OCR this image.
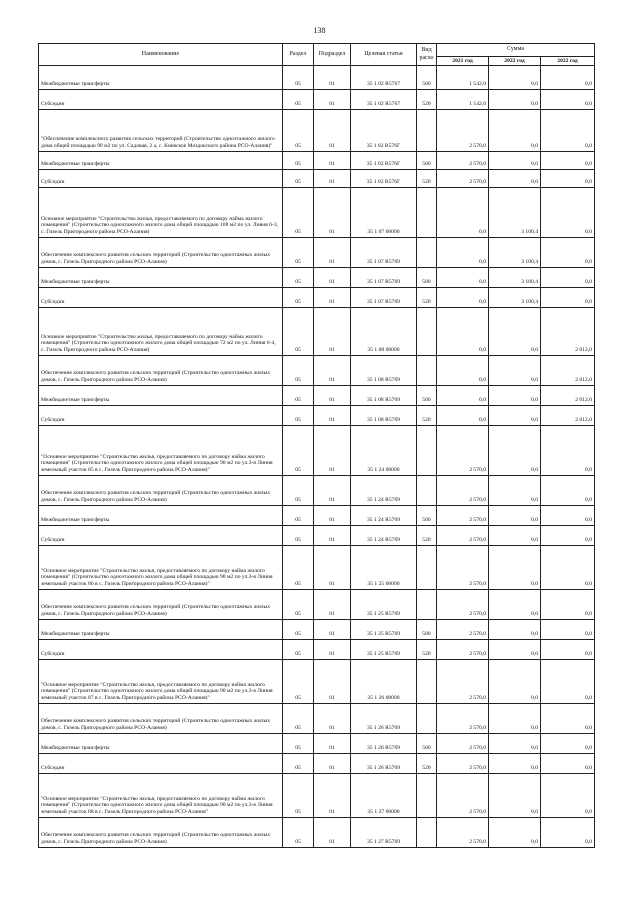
138
Наименование	Раздел	Подраздел	Целевая статья	Вид расхо	Сумма		
					2021 год	2022 год	2022 год
Межбюджетные трансферты	05	01	35 1 02 R5767	500	1 542,0	0,0	0,0
Субсидии	05	01	35 1 02 R5767	520	1 542,0	0,0	0,0
"Обеспечение комплексного развития сельских территорий (Строительство одноэтажного жилого дома общей площадью 90 м2 по ул. Садовая, 2 а, с. Киевское Моздокского района РСО-Алания)"	05	01	35 1 02 R576Г		2 570,0	0,0	0,0
Межбюджетные трансферты	05	01	35 1 02 R576Г	500	2 570,0	0,0	0,0
Субсидии	05	01	35 1 02 R576Г	520	2 570,0	0,0	0,0
Основное мероприятие "Строительство жилья, предоставляемого по договору найма жилого помещения" (Строительство одноэтажного жилого дома общей площадью 108 м2 по ул. Ливня 6-3, с. Гизель Пригородного района РСО-Алания)	05	01	35 1 07 00000		0,0	3 100,4	0,0
Обеспечение комплексного развития сельских территорий (Строительство одноэтажных жилых домов, с. Гизель Пригородного района РСО-Алания)	05	01	35 1 07 R5769		0,0	3 100,4	0,0
Межбюджетные трансферты	05	01	35 1 07 R5769	500	0,0	3 100,4	0,0
Субсидии	05	01	35 1 07 R5769	520	0,0	3 100,4	0,0
Основное мероприятие "Строительство жилья, предоставляемого по договору найма жилого помещения" (Строительство одноэтажного жилого дома общей площадью 72 м2 по ул. Линия 6-4, с. Гизель Пригородного района РСО-Алания)	05	01	35 1 08 00000		0,0	0,0	2 012,0
Обеспечение комплексного развития сельских территорий (Строительство одноэтажных жилых домов, с. Гизель Пригородного района РСО-Алания)	05	01	35 1 08 R5769		0,0	0,0	2 012,0
Межбюджетные трансферты	05	01	35 1 08 R5769	500	0,0	0,0	2 012,0
Субсидии	05	01	35 1 08 R5769	520	0,0	0,0	2 012,0
"Основное мероприятие "Строительство жилья, предоставляемого по договору найма жилого помещения" (Строительство одноэтажного жилого дома общей площадью 90 м2 по ул.3-я Линия земельный участок 85 в с. Гизель Пригородного района РСО-Алания)"	05	01	35 1 24 00000		2 570,0	0,0	0,0
Обеспечение комплексного развития сельских территорий (Строительство одноэтажных жилых домов, с. Гизель Пригородного района РСО-Алания)	05	01	35 1 24 R5769		2 570,0	0,0	0,0
Межбюджетные трансферты	05	01	35 1 24 R5769	500	2 570,0	0,0	0,0
Субсидии	05	01	35 1 24 R5769	520	2 570,0	0,0	0,0
"Основное мероприятие "Строительство жилья, предоставляемого по договору найма жилого помещения" (Строительство одноэтажного жилого дома общей площадью 90 м2 по ул.3-я Линия земельный участок 86 в с. Гизель Пригородного района РСО-Алания)"	05	01	35 1 25 00000		2 570,0	0,0	0,0
Обеспечение комплексного развития сельских территорий (Строительство одноэтажных жилых домов, с. Гизель Пригородного района РСО-Алания)	05	01	35 1 25 R5769		2 570,0	0,0	0,0
Межбюджетные трансферты	05	01	35 1 25 R5769	500	2 570,0	0,0	0,0
Субсидии	05	01	35 1 25 R5769	520	2 570,0	0,0	0,0
"Основное мероприятие "Строительство жилья, предоставляемого по договору найма жилого помещения" (Строительство одноэтажного жилого дома общей площадью 90 м2 по ул.3-я Линия земельный участок 87 в с. Гизель Пригородного района РСО-Алания)"	05	01	35 1 26 00000		2 570,0	0,0	0,0
Обеспечение комплексного развития сельских территорий (Строительство одноэтажных жилых домов, с. Гизель Пригородного района РСО-Алания)	05	01	35 1 26 R5769		2 570,0	0,0	0,0
Межбюджетные трансферты	05	01	35 1 26 R5769	500	2 570,0	0,0	0,0
Субсидии	05	01	35 1 26 R5769	520	2 570,0	0,0	0,0
"Основное мероприятие "Строительство жилья, предоставляемого по договору найма жилого помещения" (Строительство одноэтажного жилого дома общей площадью 90 м2 по ул.3-я Линия земельный участок 88 в с. Гизель Пригородного района РСО-Алания"	05	01	35 1 27 00000		2 570,0	0,0	0,0
Обеспечение комплексного развития сельских территорий (Строительство одноэтажных жилых домов, с. Гизель Пригородного района РСО-Алания)	05	01	35 1 27 R5769		2 570,0	0,0	0,0
